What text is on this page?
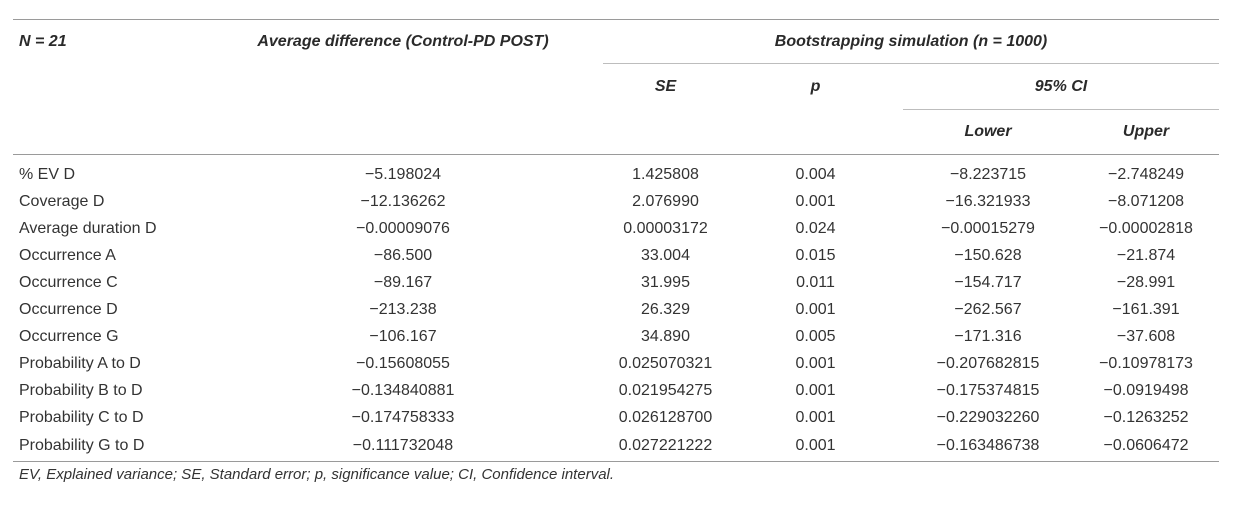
N = 21	Average difference (Control-PD POST)	Bootstrapping simulation (n = 1000)			
		SE	p	95% CI	
				Lower	Upper
% EV D	−5.198024	1.425808	0.004	−8.223715	−2.748249
Coverage D	−12.136262	2.076990	0.001	−16.321933	−8.071208
Average duration D	−0.00009076	0.00003172	0.024	−0.00015279	−0.00002818
Occurrence A	−86.500	33.004	0.015	−150.628	−21.874
Occurrence C	−89.167	31.995	0.011	−154.717	−28.991
Occurrence D	−213.238	26.329	0.001	−262.567	−161.391
Occurrence G	−106.167	34.890	0.005	−171.316	−37.608
Probability A to D	−0.15608055	0.025070321	0.001	−0.207682815	−0.10978173
Probability B to D	−0.134840881	0.021954275	0.001	−0.175374815	−0.0919498
Probability C to D	−0.174758333	0.026128700	0.001	−0.229032260	−0.1263252
Probability G to D	−0.111732048	0.027221222	0.001	−0.163486738	−0.0606472
EV, Explained variance; SE, Standard error; p, significance value; CI, Confidence interval.
